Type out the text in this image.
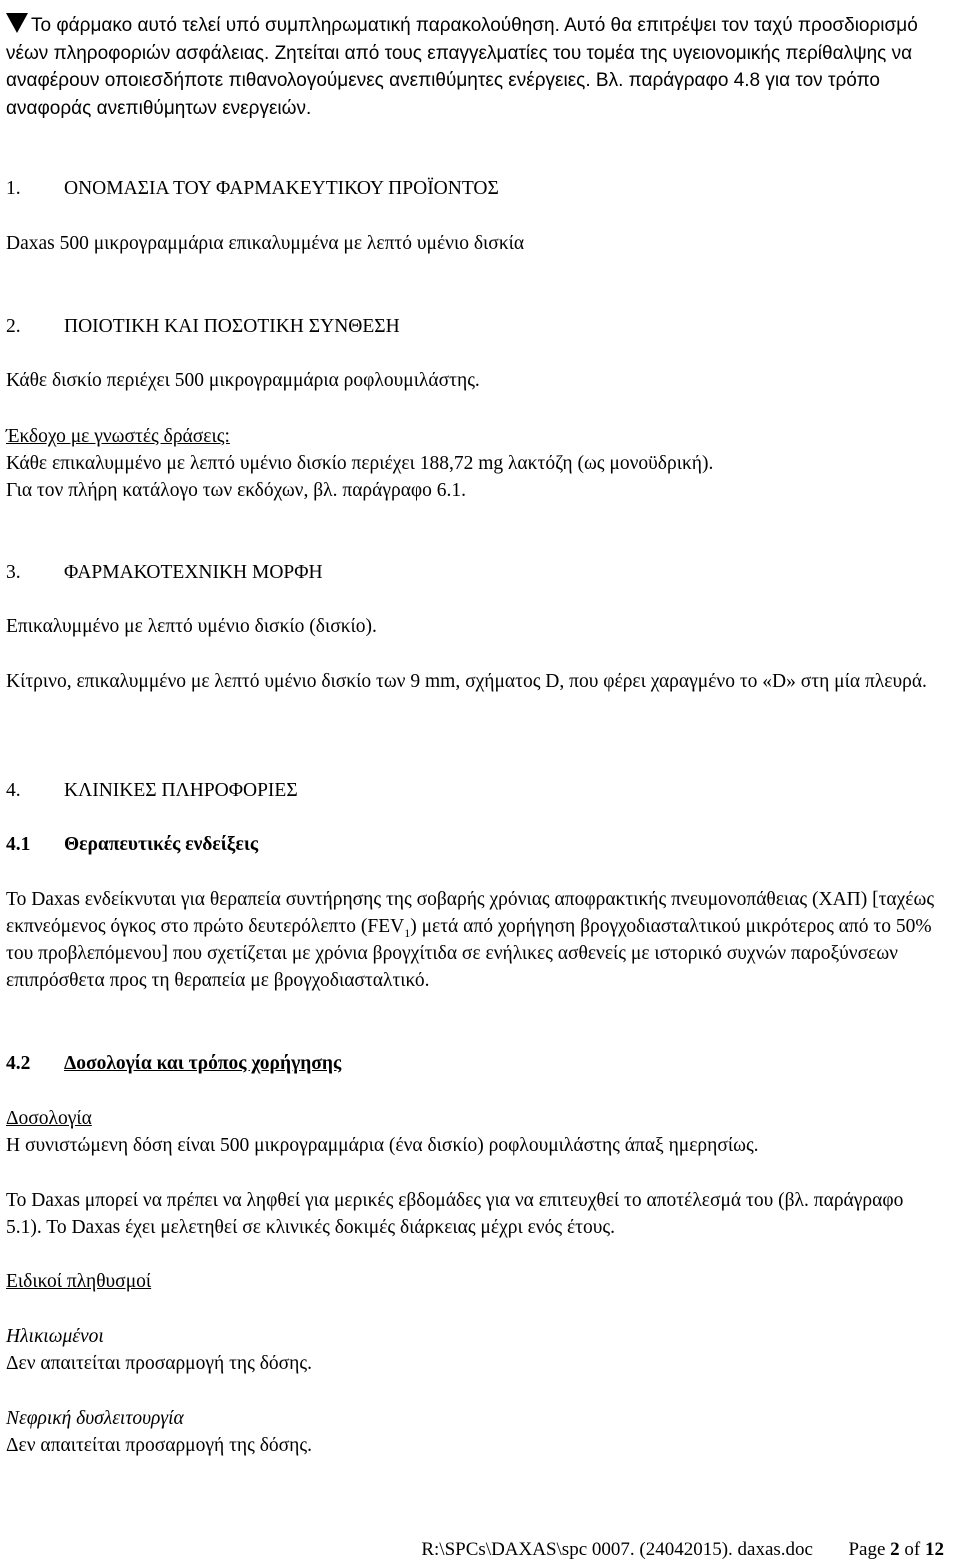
Το φάρμακο αυτό τελεί υπό συμπληρωματική παρακολούθηση. Αυτό θα επιτρέψει τον ταχύ προσδιορισμό νέων πληροφοριών ασφάλειας. Ζητείται από τους επαγγελματίες του τομέα της υγειονομικής περίθαλψης να αναφέρουν οποιεσδήποτε πιθανολογούμενες ανεπιθύμητες ενέργειες. Βλ. παράγραφο 4.8 για τον τρόπο αναφοράς ανεπιθύμητων ενεργειών.

1.	ΟΝΟΜΑΣΙΑ ΤΟΥ ΦΑΡΜΑΚΕΥΤΙΚΟΥ ΠΡΟΪΟΝΤΟΣ

Daxas 500 μικρογραμμάρια επικαλυμμένα με λεπτό υμένιο δισκία

2.	ΠΟΙΟΤΙΚΗ ΚΑΙ ΠΟΣΟΤΙΚΗ ΣΥΝΘΕΣΗ

Κάθε δισκίο περιέχει 500 μικρογραμμάρια ροφλουμιλάστης.

Έκδοχο με γνωστές δράσεις:

Κάθε επικαλυμμένο με λεπτό υμένιο δισκίο περιέχει 188,72 mg λακτόζη (ως μονοϋδρική).

Για τον πλήρη κατάλογο των εκδόχων, βλ. παράγραφο 6.1.

3.	ΦΑΡΜΑΚΟΤΕΧΝΙΚΗ ΜΟΡΦΗ

Επικαλυμμένο με λεπτό υμένιο δισκίο (δισκίο).

Κίτρινο, επικαλυμμένο με λεπτό υμένιο δισκίο των 9 mm, σχήματος D, που φέρει χαραγμένο το «D» στη μία πλευρά.

4.	ΚΛΙΝΙΚΕΣ ΠΛΗΡΟΦΟΡΙΕΣ
4.1	Θεραπευτικές ενδείξεις

Το Daxas ενδείκνυται για θεραπεία συντήρησης της σοβαρής χρόνιας αποφρακτικής πνευμονοπάθειας (ΧΑΠ) [ταχέως εκπνεόμενος όγκος στο πρώτο δευτερόλεπτο $(FEV_1)$ μετά από χορήγηση βρογχοδιασταλτικού μικρότερος από το 50% του προβλεπόμενου] που σχετίζεται με χρόνια βρογχίτιδα σε ενήλικες ασθενείς με ιστορικό συχνών παροξύνσεων επιπρόσθετα προς τη θεραπεία με βρογχοδιασταλτικό.

4.2	Δοσολογία και τρόπος χορήγησης

Δοσολογία

Η συνιστώμενη δόση είναι 500 μικρογραμμάρια (ένα δισκίο) ροφλουμιλάστης άπαξ ημερησίως.

Το Daxas μπορεί να πρέπει να ληφθεί για μερικές εβδομάδες για να επιτευχθεί το αποτέλεσμά του (βλ. παράγραφο 5.1). Το Daxas έχει μελετηθεί σε κλινικές δοκιμές διάρκειας μέχρι ενός έτους.

Ειδικοί πληθυσμοί

Ηλικιωμένοι

Δεν απαιτείται προσαρμογή της δόσης.

Νεφρική δυσλειτουργία

Δεν απαιτείται προσαρμογή της δόσης.

R:\SPCs\DAXAS\spc 0007. (24042015). daxas.doc Page 2 of 12
